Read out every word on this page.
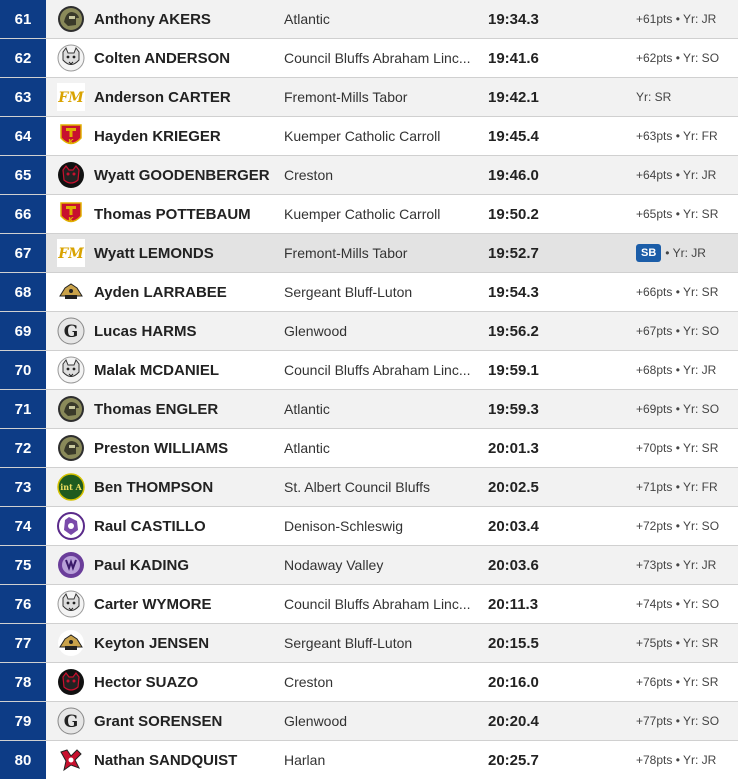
61	Anthony AKERS	Atlantic	19:34.3	+61pts • Yr: JR
62	Colten ANDERSON	Council Bluffs Abraham Linc...	19:41.6	+62pts • Yr: SO
63	FM Anderson CARTER	Fremont-Mills Tabor	19:42.1	Yr: SR
64	K Hayden KRIEGER	Kuemper Catholic Carroll	19:45.4	+63pts • Yr: FR
65	Wyatt GOODENBERGER	Creston	19:46.0	+64pts • Yr: JR
66	K Thomas POTTEBAUM	Kuemper Catholic Carroll	19:50.2	+65pts • Yr: SR
67	FM Wyatt LEMONDS	Fremont-Mills Tabor	19:52.7	SB • Yr: JR
68	Ayden LARRABEE	Sergeant Bluff-Luton	19:54.3	+66pts • Yr: SR
69	G Lucas HARMS	Glenwood	19:56.2	+67pts • Yr: SO
70	Malak MCDANIEL	Council Bluffs Abraham Linc...	19:59.1	+68pts • Yr: JR
71	Thomas ENGLER	Atlantic	19:59.3	+69pts • Yr: SO
72	Preston WILLIAMS	Atlantic	20:01.3	+70pts • Yr: SR
73	int A Ben THOMPSON	St. Albert Council Bluffs	20:02.5	+71pts • Yr: FR
74	Raul CASTILLO	Denison-Schleswig	20:03.4	+72pts • Yr: SO
75	Paul KADING	Nodaway Valley	20:03.6	+73pts • Yr: JR
76	Carter WYMORE	Council Bluffs Abraham Linc...	20:11.3	+74pts • Yr: SO
77	Keyton JENSEN	Sergeant Bluff-Luton	20:15.5	+75pts • Yr: SR
78	Hector SUAZO	Creston	20:16.0	+76pts • Yr: SR
79	G Grant SORENSEN	Glenwood	20:20.4	+77pts • Yr: SO
80	Nathan SANDQUIST	Harlan	20:25.7	+78pts • Yr: JR
